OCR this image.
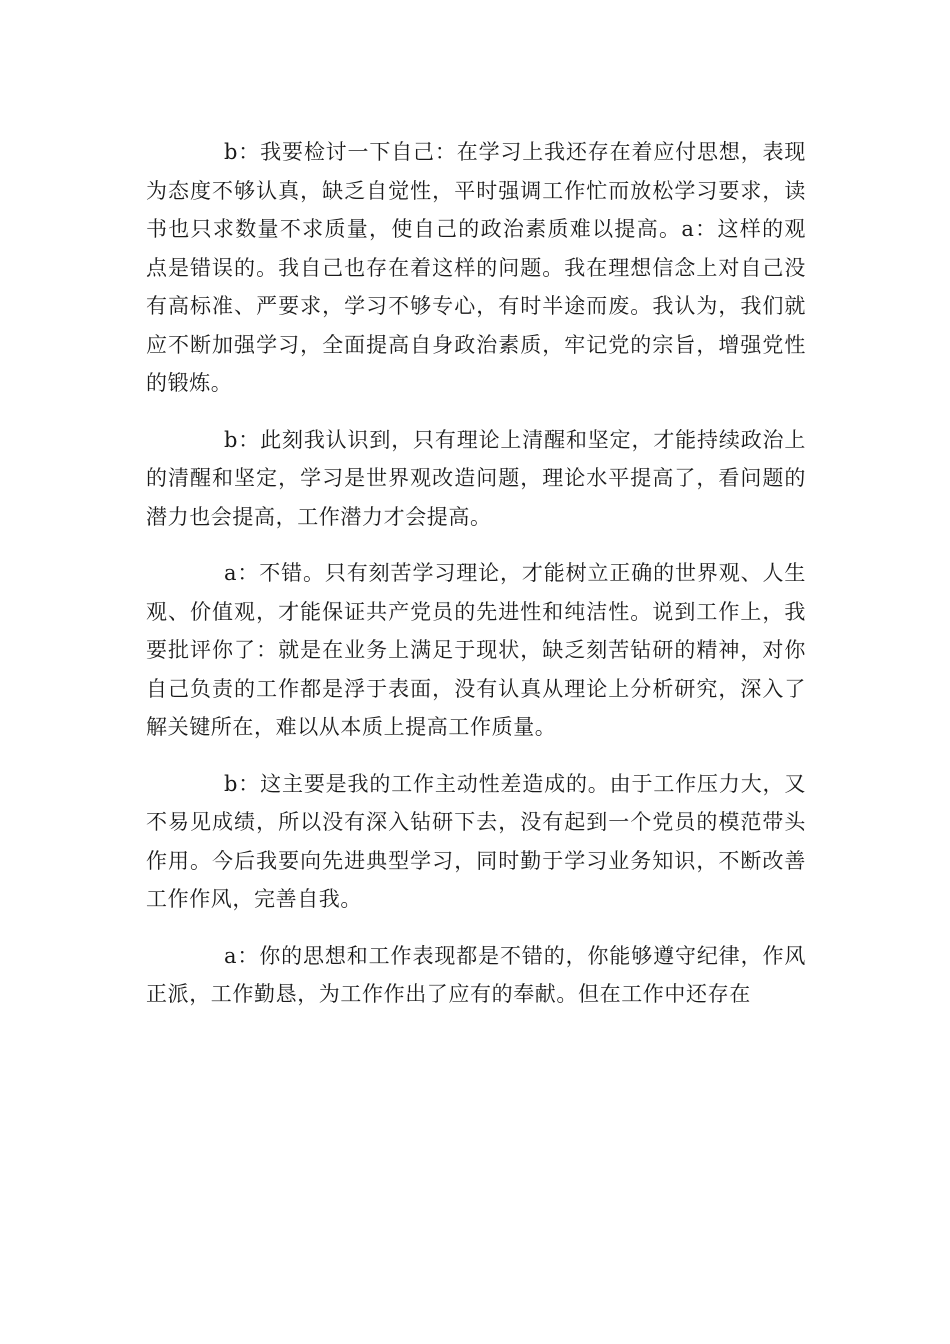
b：我要检讨一下自己：在学习上我还存在着应付思想，表现为态度不够认真，缺乏自觉性，平时强调工作忙而放松学习要求，读书也只求数量不求质量，使自己的政治素质难以提高。a：这样的观点是错误的。我自己也存在着这样的问题。我在理想信念上对自己没有高标准、严要求，学习不够专心，有时半途而废。我认为，我们就应不断加强学习，全面提高自身政治素质，牢记党的宗旨，增强党性的锻炼。

b：此刻我认识到，只有理论上清醒和坚定，才能持续政治上的清醒和坚定，学习是世界观改造问题，理论水平提高了，看问题的潜力也会提高，工作潜力才会提高。

a：不错。只有刻苦学习理论，才能树立正确的世界观、人生观、价值观，才能保证共产党员的先进性和纯洁性。说到工作上，我要批评你了：就是在业务上满足于现状，缺乏刻苦钻研的精神，对你自己负责的工作都是浮于表面，没有认真从理论上分析研究，深入了解关键所在，难以从本质上提高工作质量。

b：这主要是我的工作主动性差造成的。由于工作压力大，又不易见成绩，所以没有深入钻研下去，没有起到一个党员的模范带头作用。今后我要向先进典型学习，同时勤于学习业务知识，不断改善工作作风，完善自我。

a：你的思想和工作表现都是不错的，你能够遵守纪律，作风正派，工作勤恳，为工作作出了应有的奉献。但在工作中还存在
